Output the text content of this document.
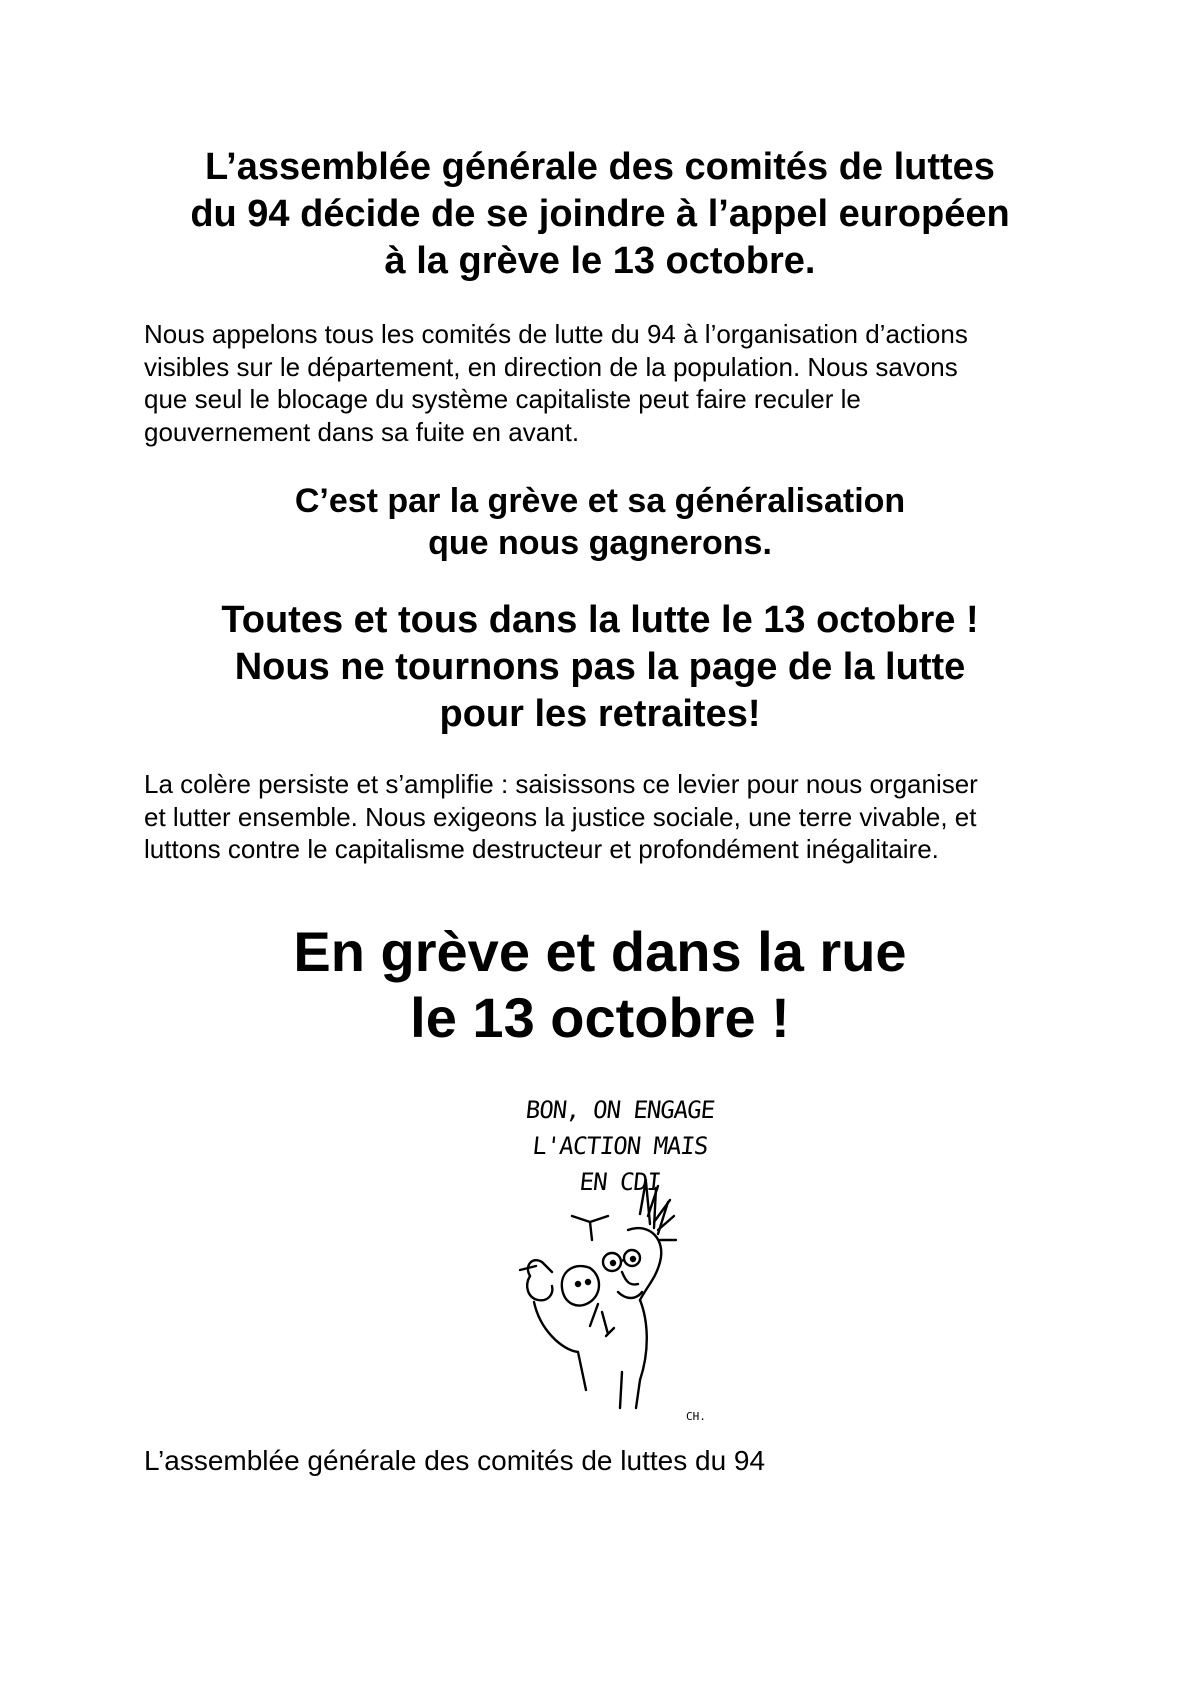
L’assemblée générale des comités de luttes
du 94 décide de se joindre à l’appel européen
à la grève le 13 octobre.

Nous appelons tous les comités de lutte du 94 à l’organisation d’actions
visibles sur le département, en direction de la population. Nous savons
que seul le blocage du système capitaliste peut faire reculer le
gouvernement dans sa fuite en avant.

C’est par la grève et sa généralisation
que nous gagnerons.
Toutes et tous dans la lutte le 13 octobre !
Nous ne tournons pas la page de la lutte
pour les retraites!

La colère persiste et s’amplifie : saisissons ce levier pour nous organiser
et lutter ensemble. Nous exigeons la justice sociale, une terre vivable, et
luttons contre le capitalisme destructeur et profondément inégalitaire.

En grève et dans la rue
le 13 octobre !
BON, ON ENGAGE
L'ACTION MAIS
EN CDI
CH.

L’assemblée générale des comités de luttes du 94
